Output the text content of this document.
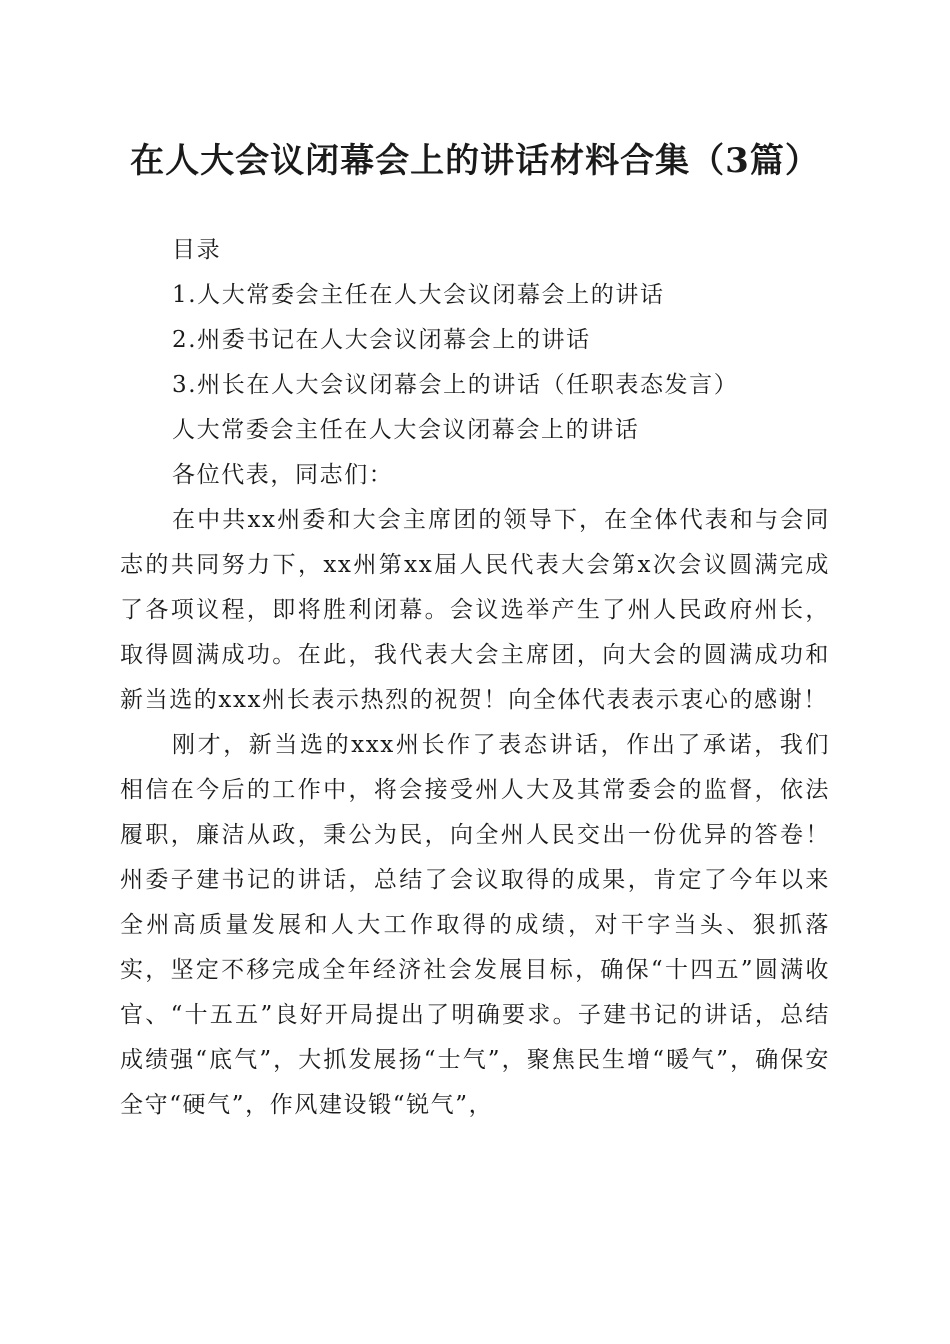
在人大会议闭幕会上的讲话材料合集（3篇）

目录

1.人大常委会主任在人大会议闭幕会上的讲话

2.州委书记在人大会议闭幕会上的讲话

3.州长在人大会议闭幕会上的讲话（任职表态发言）

人大常委会主任在人大会议闭幕会上的讲话

各位代表，同志们：

在中共xx州委和大会主席团的领导下，在全体代表和与会同志的共同努力下，xx州第xx届人民代表大会第x次会议圆满完成了各项议程，即将胜利闭幕。会议选举产生了州人民政府州长，取得圆满成功。在此，我代表大会主席团，向大会的圆满成功和新当选的xxx州长表示热烈的祝贺！向全体代表表示衷心的感谢！

刚才，新当选的xxx州长作了表态讲话，作出了承诺，我们相信在今后的工作中，将会接受州人大及其常委会的监督，依法履职，廉洁从政，秉公为民，向全州人民交出一份优异的答卷！州委子建书记的讲话，总结了会议取得的成果，肯定了今年以来全州高质量发展和人大工作取得的成绩，对干字当头、狠抓落实，坚定不移完成全年经济社会发展目标，确保“十四五”圆满收官、“十五五”良好开局提出了明确要求。子建书记的讲话，总结成绩强“底气”，大抓发展扬“士气”，聚焦民生增“暖气”，确保安全守“硬气”，作风建设锻“锐气”，
